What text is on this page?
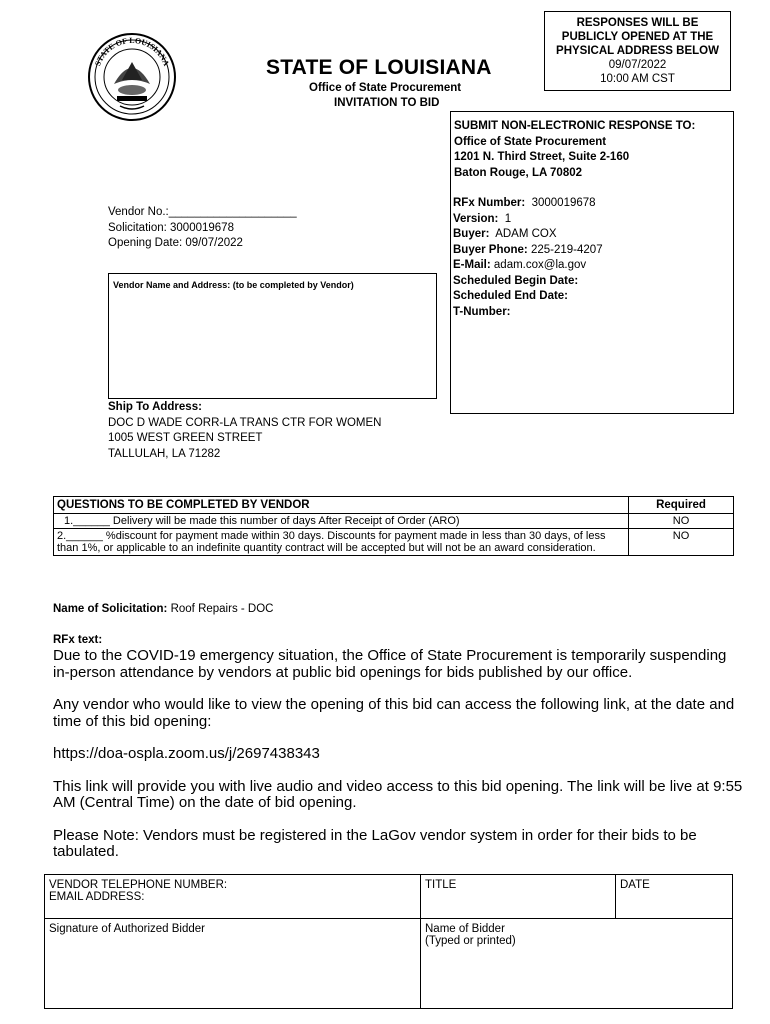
STATE OF LOUISIANA	STATE OF LOUISIANA
Office of State Procurement
INVITATION TO BID
RESPONSES WILL BE
PUBLICLY OPENED AT THE
PHYSICAL ADDRESS BELOW
09/07/2022
10:00 AM CST
SUBMIT NON-ELECTRONIC RESPONSE TO:
Office of State Procurement
1201 N. Third Street, Suite 2-160
Baton Rouge, LA 70802
RFx Number: 3000019678
Version: 1
Buyer: ADAM COX
Buyer Phone: 225-219-4207
E-Mail: adam.cox@la.gov
Scheduled Begin Date:
Scheduled End Date:
T-Number:
Vendor No.:____________________
Solicitation: 3000019678
Opening Date: 09/07/2022
Vendor Name and Address: (to be completed by Vendor)
Ship To Address:
DOC D WADE CORR-LA TRANS CTR FOR WOMEN
1005 WEST GREEN STREET
TALLULAH, LA 71282
QUESTIONS TO BE COMPLETED BY VENDOR	Required
1.______ Delivery will be made this number of days After Receipt of Order (ARO)	NO
2.______ %discount for payment made within 30 days. Discounts for payment made in less than 30 days, of less than 1%, or applicable to an indefinite quantity contract will be accepted but will not be an award consideration.	NO
Name of Solicitation: Roof Repairs - DOC
RFx text:

Due to the COVID-19 emergency situation, the Office of State Procurement is temporarily suspending in-person attendance by vendors at public bid openings for bids published by our office.

Any vendor who would like to view the opening of this bid can access the following link, at the date and time of this bid opening:

https://doa-ospla.zoom.us/j/2697438343

This link will provide you with live audio and video access to this bid opening. The link will be live at 9:55 AM (Central Time) on the date of bid opening.

Please Note: Vendors must be registered in the LaGov vendor system in order for their bids to be tabulated.

VENDOR TELEPHONE NUMBER:
EMAIL ADDRESS:	TITLE	DATE

Signature of Authorized Bidder	Name of Bidder
(Typed or printed)	
